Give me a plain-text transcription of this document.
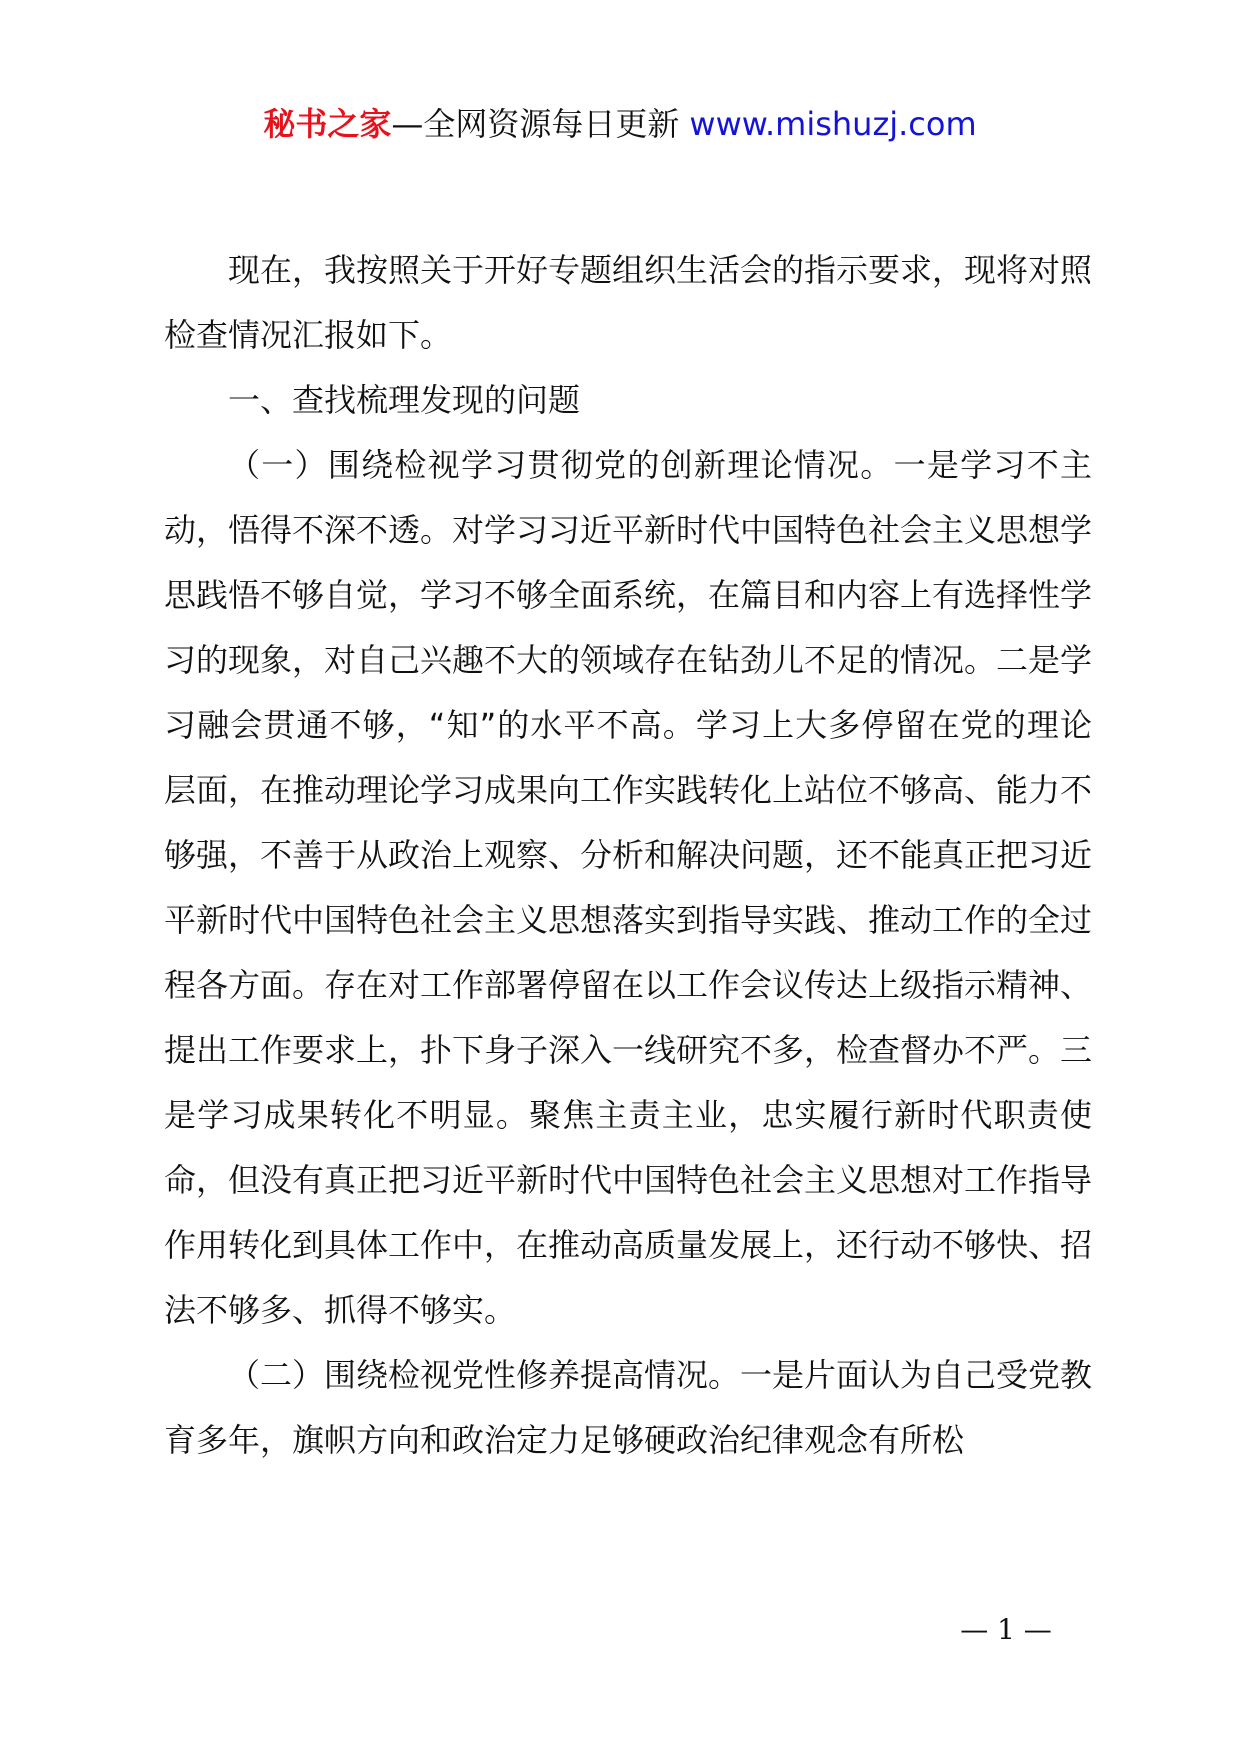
秘书之家—全网资源每日更新 www.mishuzj.com

现在，我按照关于开好专题组织生活会的指示要求，现将对照检查情况汇报如下。

一、查找梳理发现的问题

（一）围绕检视学习贯彻党的创新理论情况。一是学习不主动，悟得不深不透。对学习习近平新时代中国特色社会主义思想学思践悟不够自觉，学习不够全面系统，在篇目和内容上有选择性学习的现象，对自己兴趣不大的领域存在钻劲儿不足的情况。二是学习融会贯通不够，“知”的水平不高。学习上大多停留在党的理论层面，在推动理论学习成果向工作实践转化上站位不够高、能力不够强，不善于从政治上观察、分析和解决问题，还不能真正把习近平新时代中国特色社会主义思想落实到指导实践、推动工作的全过程各方面。存在对工作部署停留在以工作会议传达上级指示精神、提出工作要求上，扑下身子深入一线研究不多，检查督办不严。三是学习成果转化不明显。聚焦主责主业，忠实履行新时代职责使命，但没有真正把习近平新时代中国特色社会主义思想对工作指导作用转化到具体工作中，在推动高质量发展上，还行动不够快、招法不够多、抓得不够实。

（二）围绕检视党性修养提高情况。一是片面认为自己受党教育多年，旗帜方向和政治定力足够硬政治纪律观念有所松

— 1 —
